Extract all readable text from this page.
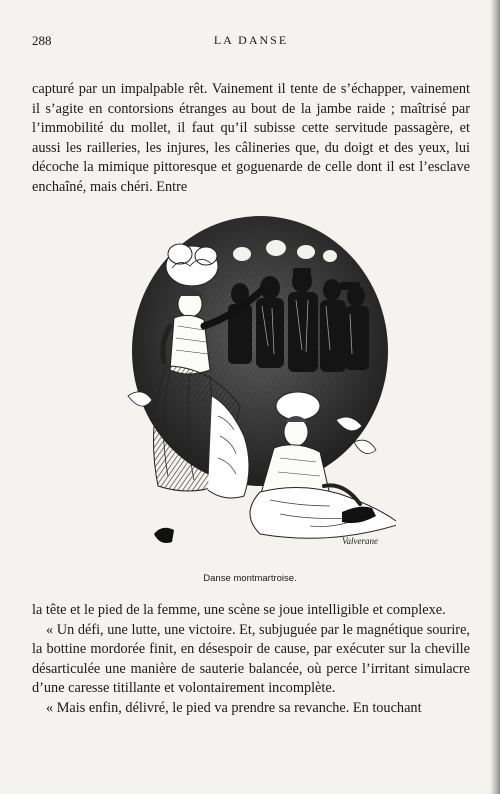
288	LA DANSE

capturé par un impalpable rêt. Vainement il tente de s’échapper, vainement il s’agite en contorsions étranges au bout de la jambe raide ; maîtrisé par l’immobilité du mollet, il faut qu’il subisse cette servitude passagère, et aussi les railleries, les injures, les câlineries que, du doigt et des yeux, lui décoche la mimique pittoresque et goguenarde de celle dont il est l’esclave enchaîné, mais chéri. Entre

Valverane
Danse montmartroise.

la tête et le pied de la femme, une scène se joue intelligible et complexe.

« Un défi, une lutte, une victoire. Et, subjuguée par le magnétique sourire, la bottine mordorée finit, en désespoir de cause, par exécuter sur la cheville désarticulée une manière de sauterie balancée, où perce l’irritant simulacre d’une caresse titillante et volontairement incomplète.

« Mais enfin, délivré, le pied va prendre sa revanche. En touchant
